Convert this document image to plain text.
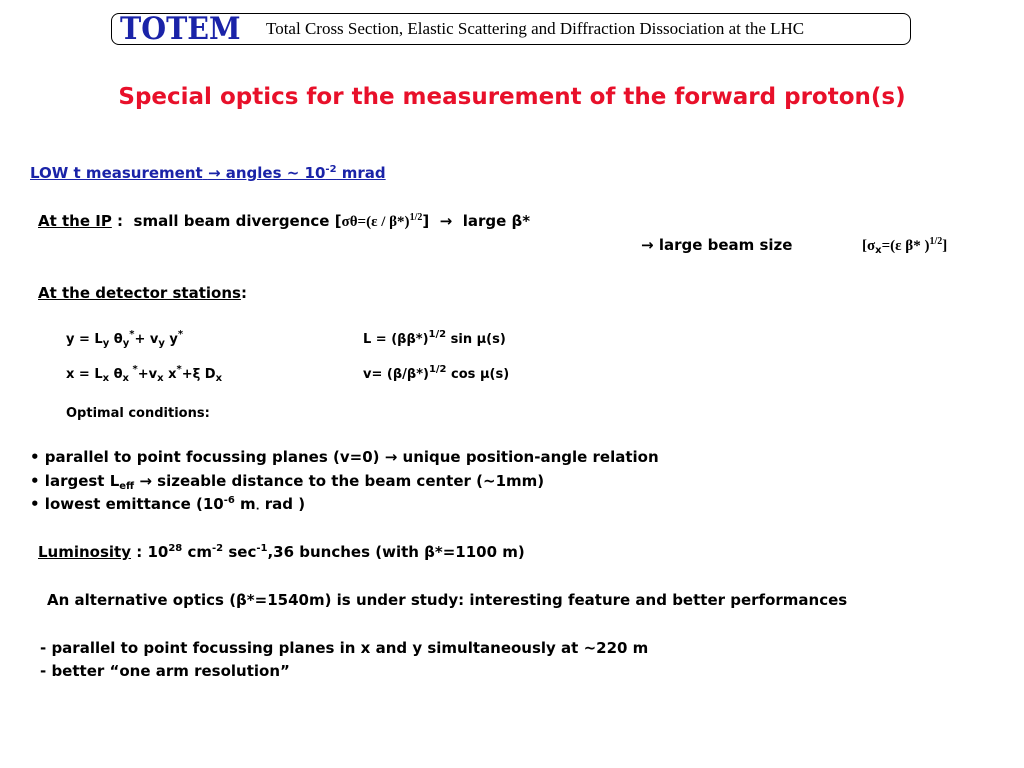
TOTEM Total Cross Section, Elastic Scattering and Diffraction Dissociation at the LHC
Special optics for the measurement of the forward proton(s)
LOW t measurement → angles ~ $10^{-2}$ mrad
At the IP : small beam divergence [σθ=(ε / β*)$^{1/2}$] → large β*
→ large beam size	[$\sigma_x=(\varepsilon$ β* )$^{1/2}$]
At the detector stations:
$y = L_y$ $\theta_y^*+ v_y$ y*	$L = (\beta\beta*)^{1/2}$ sin μ(s)
$x = L_x$ $\theta_x$ $^*+v_x$ x*+ξ $D_x$	$v= (\beta/\beta*)^{1/2}$ cos μ(s)
Optimal conditions:
• parallel to point focussing planes (v=0) → unique position-angle relation
• largest $L_{eff}$ → sizeable distance to the beam center (~1mm)
• lowest emittance ($10^{-6}$ $m_\cdot$ rad )
Luminosity : $10^{28}$ $cm^{-2}$ $\sec^{-1},36$ bunches (with β*=1100 m)
An alternative optics (β*=1540m) is under study: interesting feature and better performances
- parallel to point focussing planes in x and y simultaneously at ~220 m
- better “one arm resolution”
